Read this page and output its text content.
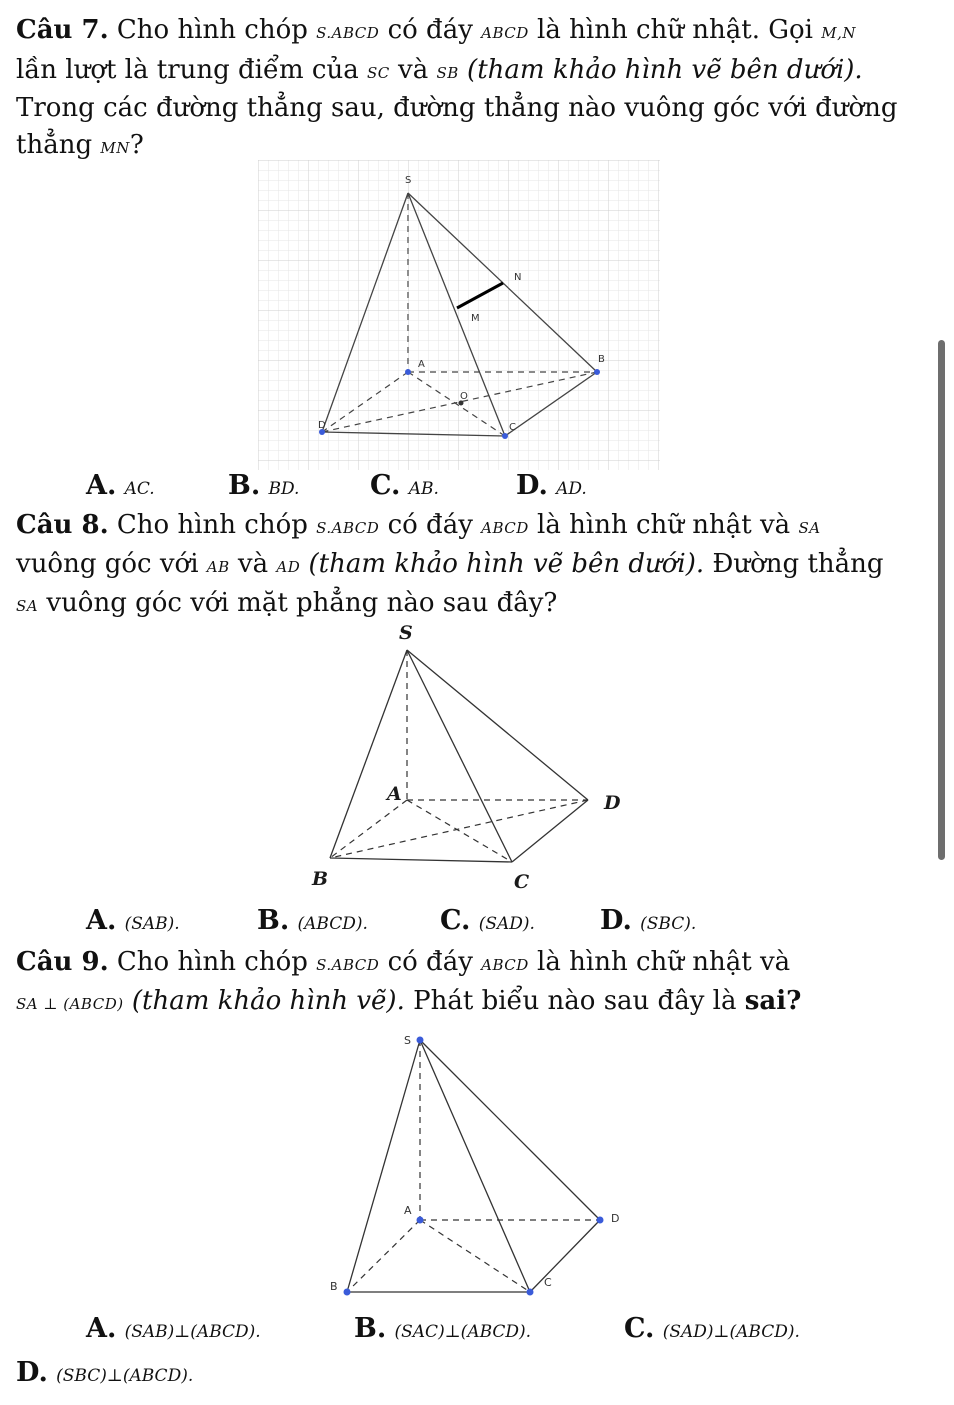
Câu 7. Cho hình chóp S.ABCD có đáy ABCD là hình chữ nhật. Gọi M,N
lần lượt là trung điểm của SC và SB (tham khảo hình vẽ bên dưới).
Trong các đường thẳng sau, đường thẳng nào vuông góc với đường
thẳng MN?
S
N
M
A	B
O
D	C
A. AC.	B. BD.	C. AB.	D. AD.
Câu 8. Cho hình chóp S.ABCD có đáy ABCD là hình chữ nhật và SA
vuông góc với AB và AD (tham khảo hình vẽ bên dưới). Đường thẳng
SA vuông góc với mặt phẳng nào sau đây?
S
A	D
B	C
A. (SAB).	B. (ABCD).	C. (SAD). D. (SBC).
Câu 9. Cho hình chóp S.ABCD có đáy ABCD là hình chữ nhật và
SA ⊥ (ABCD) (tham khảo hình vẽ). Phát biểu nào sau đây là sai?
S
A
D
B	C
A. (SAB)⊥(ABCD).	B. (SAC)⊥(ABCD).	C. (SAD)⊥(ABCD).
D. (SBC)⊥(ABCD).
